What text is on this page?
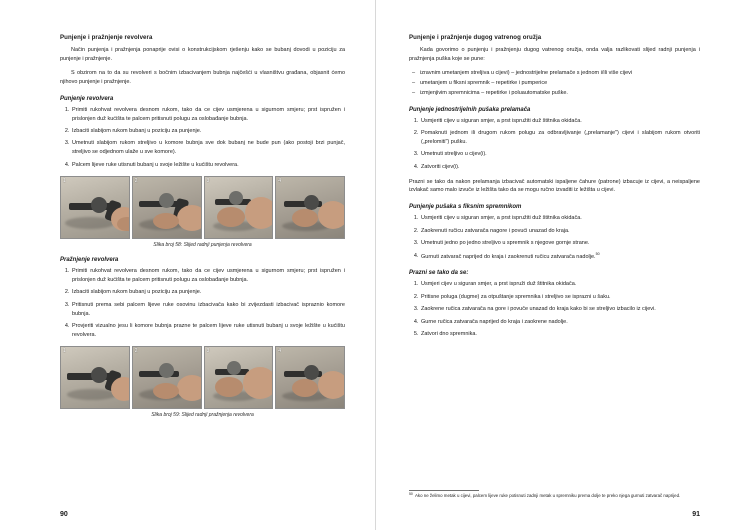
Punjenje i pražnjenje revolvera

Način punjenja i pražnjenja ponaprije ovisi o konstrukcijskom rješenju kako se bubanj dovodi u poziciju za punjenje i pražnjenje.

S obzirom na to da su revolveri s bočnim izbacivanjem bubnja najčešći u vlasništvu građana, objasnit ćemo njihovo punjenje i pražnjenje.

Punjenje revolvera
1. Primiti rukohvat revolvera desnom rukom, tako da ce cijev usmjerena u sigurnom smjeru; prst ispružen i prislonjen duž kućišta te palcem pritisnuti polugu za oslobađanje bubnja.
2. Izbaciti slabijom rukom bubanj u poziciju za punjenje.
3. Umetnuti slabijom rukom streljivo u komore bubnja sve dok bubanj ne bude pun (ako postoji brzi punjač, streljivo se odjednom ulaže u sve komore).
4. Palcem lijeve ruke utisnuti bubanj u svoje ležište u kućištu revolvera.
1	2	3	4
Slika broj 58: Slijed radnji punjenja revolvera
Pražnjenje revolvera
1. Primiti rukohvat revolvera desnom rukom, tako da ce cijev usmjerena u sigurnom smjeru; prst ispružen i prislonjen duž kućišta te palcem pritisnuti polugu za oslobađanje bubnja.
2. Izbaciti slabijom rukom bubanj u poziciju za punjenje.
3. Pritisnuti prema sebi palcem lijeve ruke osovinu izbacivača kako bi zvijezdasti izbacivač ispraznio komore bubnja.
4. Provjeriti vizualno jesu li komore bubnja prazne te palcem lijeve ruke utisnuti bubanj u svoje ležište u kućištu revolvera.
1	2	3	4
Slika broj 59: Slijed radnji pražnjenja revolvera
90
Punjenje i pražnjenje dugog vatrenog oružja

Kada govorimo o punjenju i pražnjenju dugog vatrenog oružja, onda valja razlikovati slijed radnji punjenja i pražnjenja puška koje se pune:

– izravnim umetanjem streljiva u cijevi) – jednostrijelne prelamače s jednom i/ili više cijevi
– umetanjem u fiksni spremnik – repetirke i pumperice
– izmjenjivim spremnicima – repetirke i poluautomatske puške.
Punjenje jednostrijelnih pušaka prelamača
1. Usmjeriti cijev u siguran smjer, a prst ispružiti duž štitnika okidača.
2. Pomaknuti jednom ili drugom rukom polugu za odbravljivanje („prelamanje") cijevi i slabijom rukom otvoriti („prelomiti") pušku.
3. Umetnuti streljivo u cijev(i).
4. Zatvoriti cijev(i).

Prazni se tako da nakon prelamanja izbacivač automatski ispalјene čahure (patrone) izbacuje iz cijevi, a neispalјene izvlakač samo malo izvuče iz ležišta tako da se mogu ručno izvaditi iz ležišta u cijevi.

Punjenje pušaka s fiksnim spremnikom
1. Usmjeriti cijev u siguran smjer, a prst ispružiti duž štitnika okidača.
2. Zaokrenuti ručicu zatvarača nagore i povući unazad do kraja.
3. Umetnuti jedno po jedno streljivo u spremnik s njegove gornje strane.
4. Gurnuti zatvarač naprijed do kraja i zaokrenuti ručicu zatvarača nadolje.$^{50}$
Prazni se tako da se:
1. Usmjeri cijev u siguran smjer, a prst ispruži duž štitnika okidača.
2. Pritisne poluga (dugme) za otpuštanje spremnika i streljivo se isprazni u šaku.
3. Zaokrene ručica zatvarača na gore i povuče unazad do kraja kako bi se streljivo izbacilo iz cijevi.
4. Gurne ručica zatvarača naprijed do kraja i zaokrene nadolje.
5. Zatvori dno spremnika.
50 Ako ne želimo metak u cijevi, palcem lijeve ruke potisnuti zadnji metak u spremniku prema dolje te preko njega gurnuti zatvarač naprijed.
91
